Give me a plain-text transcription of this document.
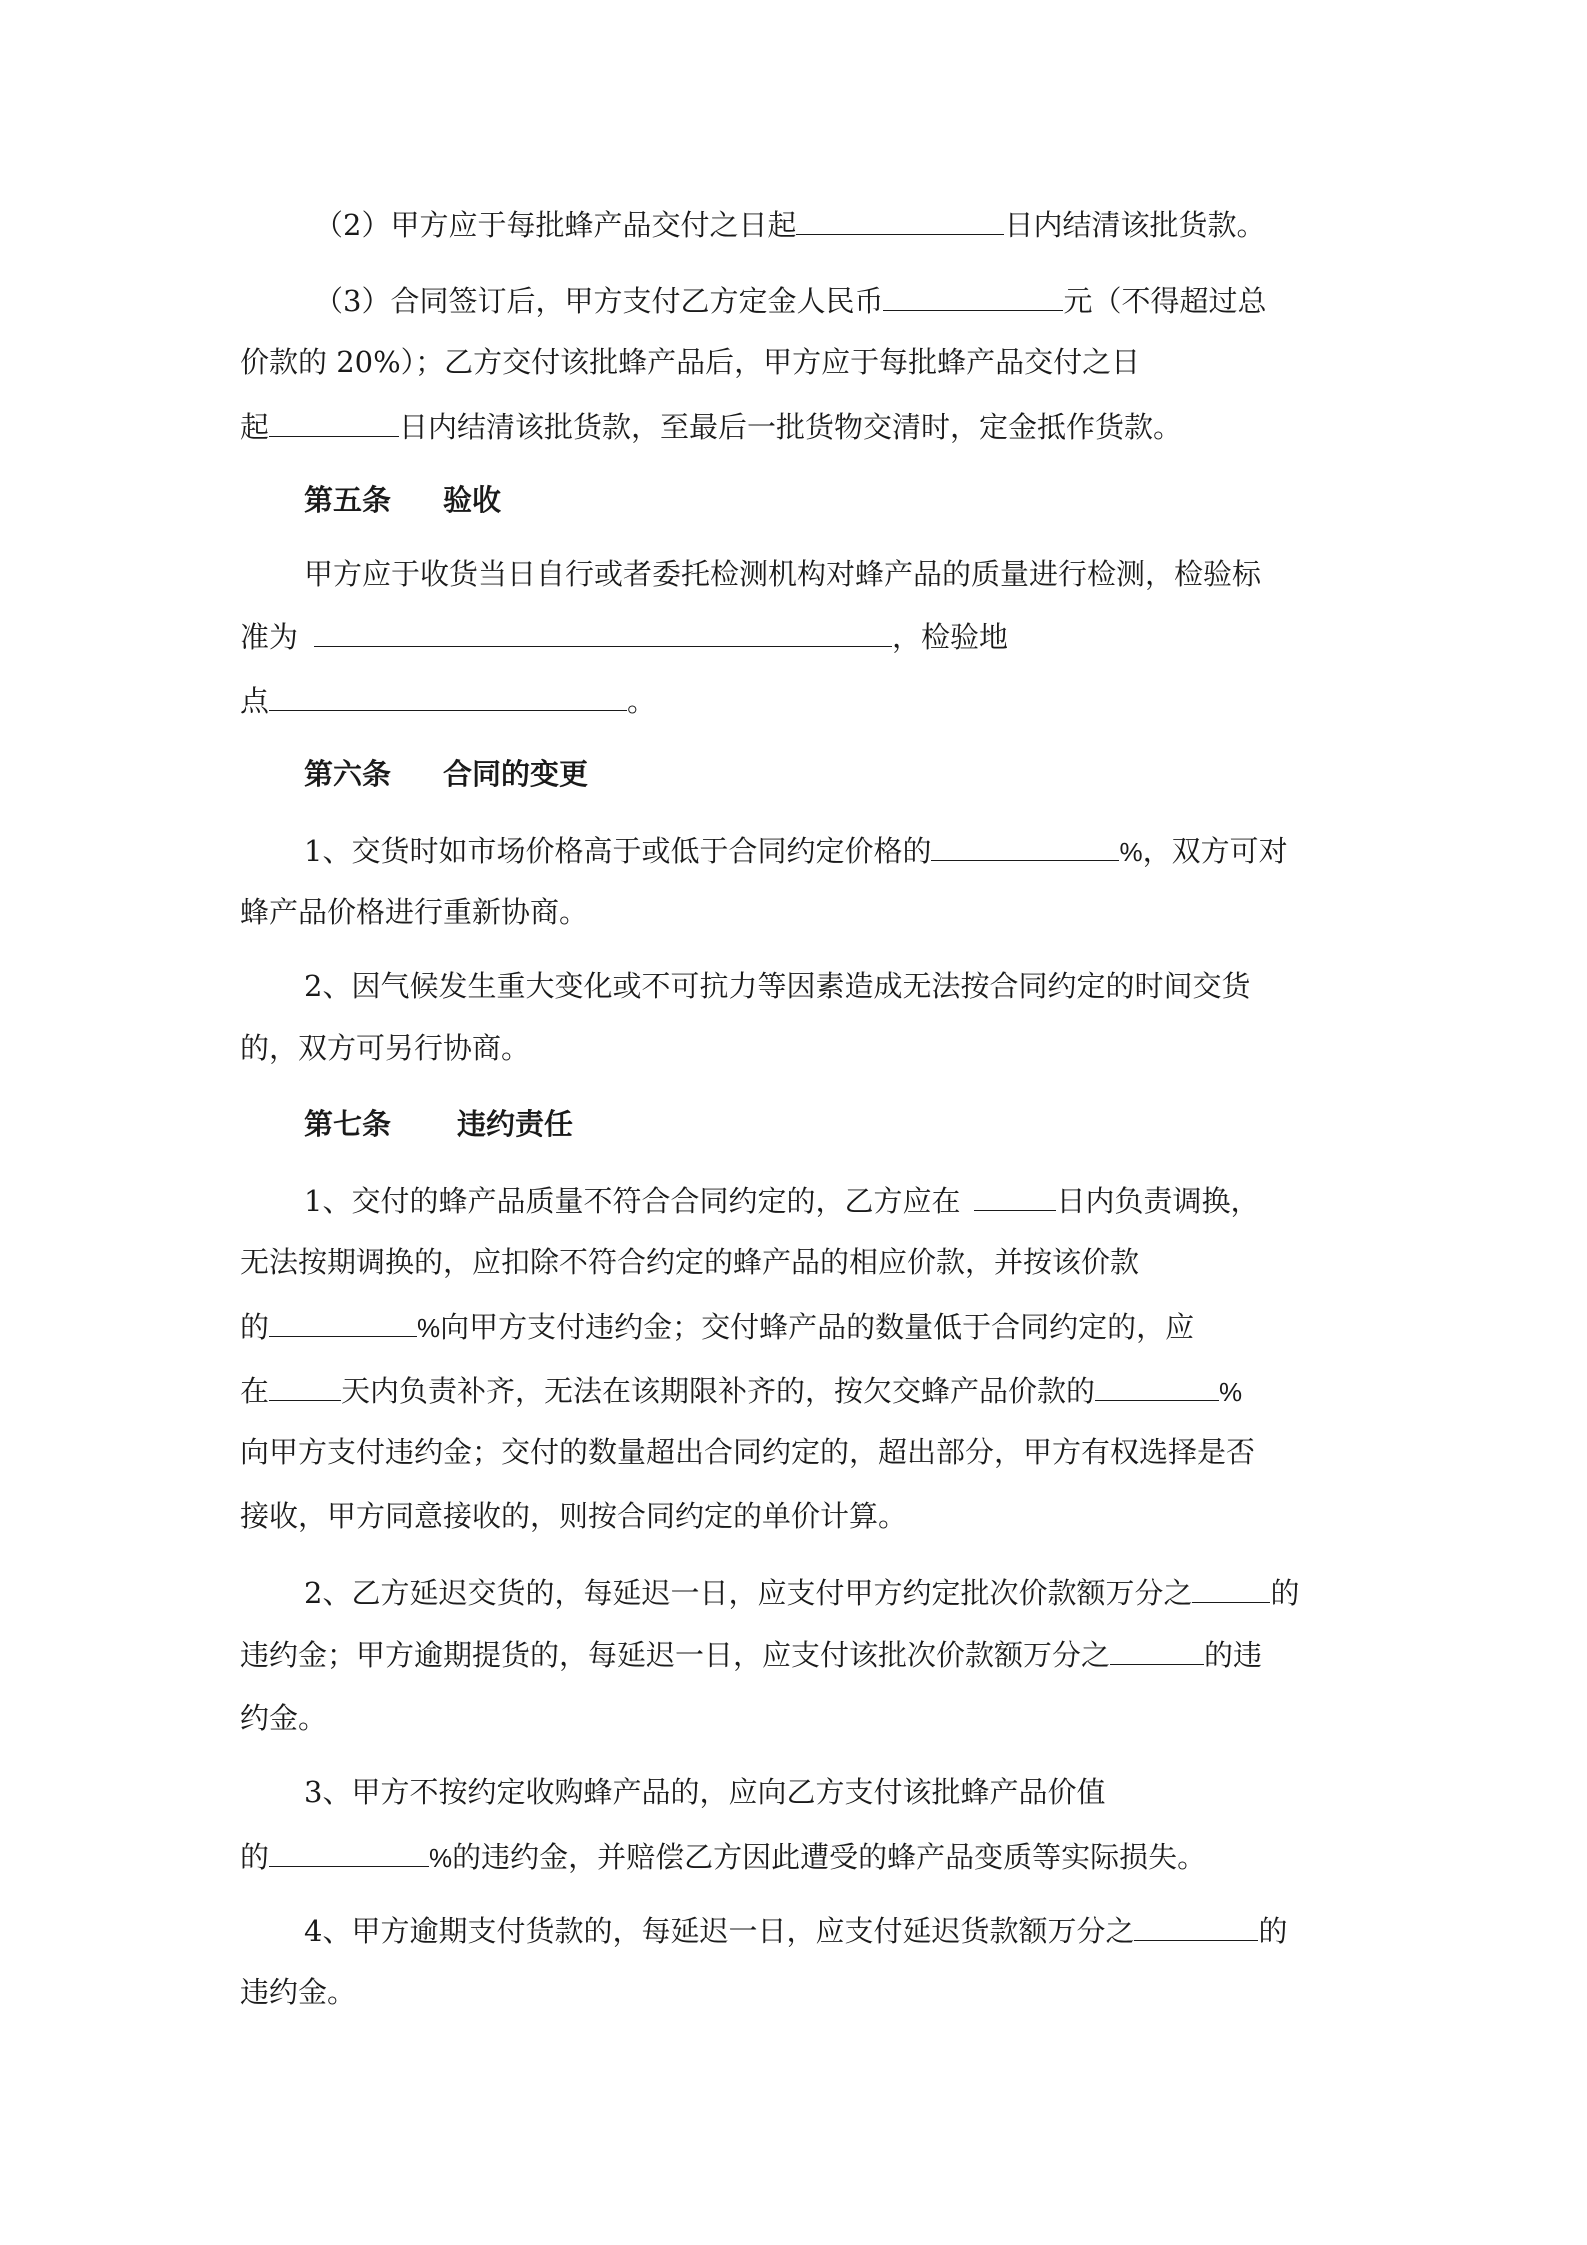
（2）甲方应于每批蜂产品交付之日起	日内结清该批货款。
（3）合同签订后，甲方支付乙方定金人民币	元（不得超过总
价款的 20%）；乙方交付该批蜂产品后，甲方应于每批蜂产品交付之日
起	日内结清该批货款，至最后一批货物交清时，定金抵作货款。
第五条 验收
甲方应于收货当日自行或者委托检测机构对蜂产品的质量进行检测，检验标
准为	，检验地
点	。
第六条 合同的变更
1、交货时如市场价格高于或低于合同约定价格的	%，双方可对
蜂产品价格进行重新协商。
2、因气候发生重大变化或不可抗力等因素造成无法按合同约定的时间交货
的，双方可另行协商。
第七条 违约责任
1、交付的蜂产品质量不符合合同约定的，乙方应在	日内负责调换，
无法按期调换的，应扣除不符合约定的蜂产品的相应价款，并按该价款
的	%向甲方支付违约金；交付蜂产品的数量低于合同约定的，应
在 天内负责补齐，无法在该期限补齐的，按欠交蜂产品价款的	%
向甲方支付违约金；交付的数量超出合同约定的，超出部分，甲方有权选择是否
接收，甲方同意接收的，则按合同约定的单价计算。
2、乙方延迟交货的，每延迟一日，应支付甲方约定批次价款额万分之	的
违约金；甲方逾期提货的，每延迟一日，应支付该批次价款额万分之	的违
约金。
3、甲方不按约定收购蜂产品的，应向乙方支付该批蜂产品价值
的	%的违约金，并赔偿乙方因此遭受的蜂产品变质等实际损失。
4、甲方逾期支付货款的，每延迟一日，应支付延迟货款额万分之	的
违约金。
